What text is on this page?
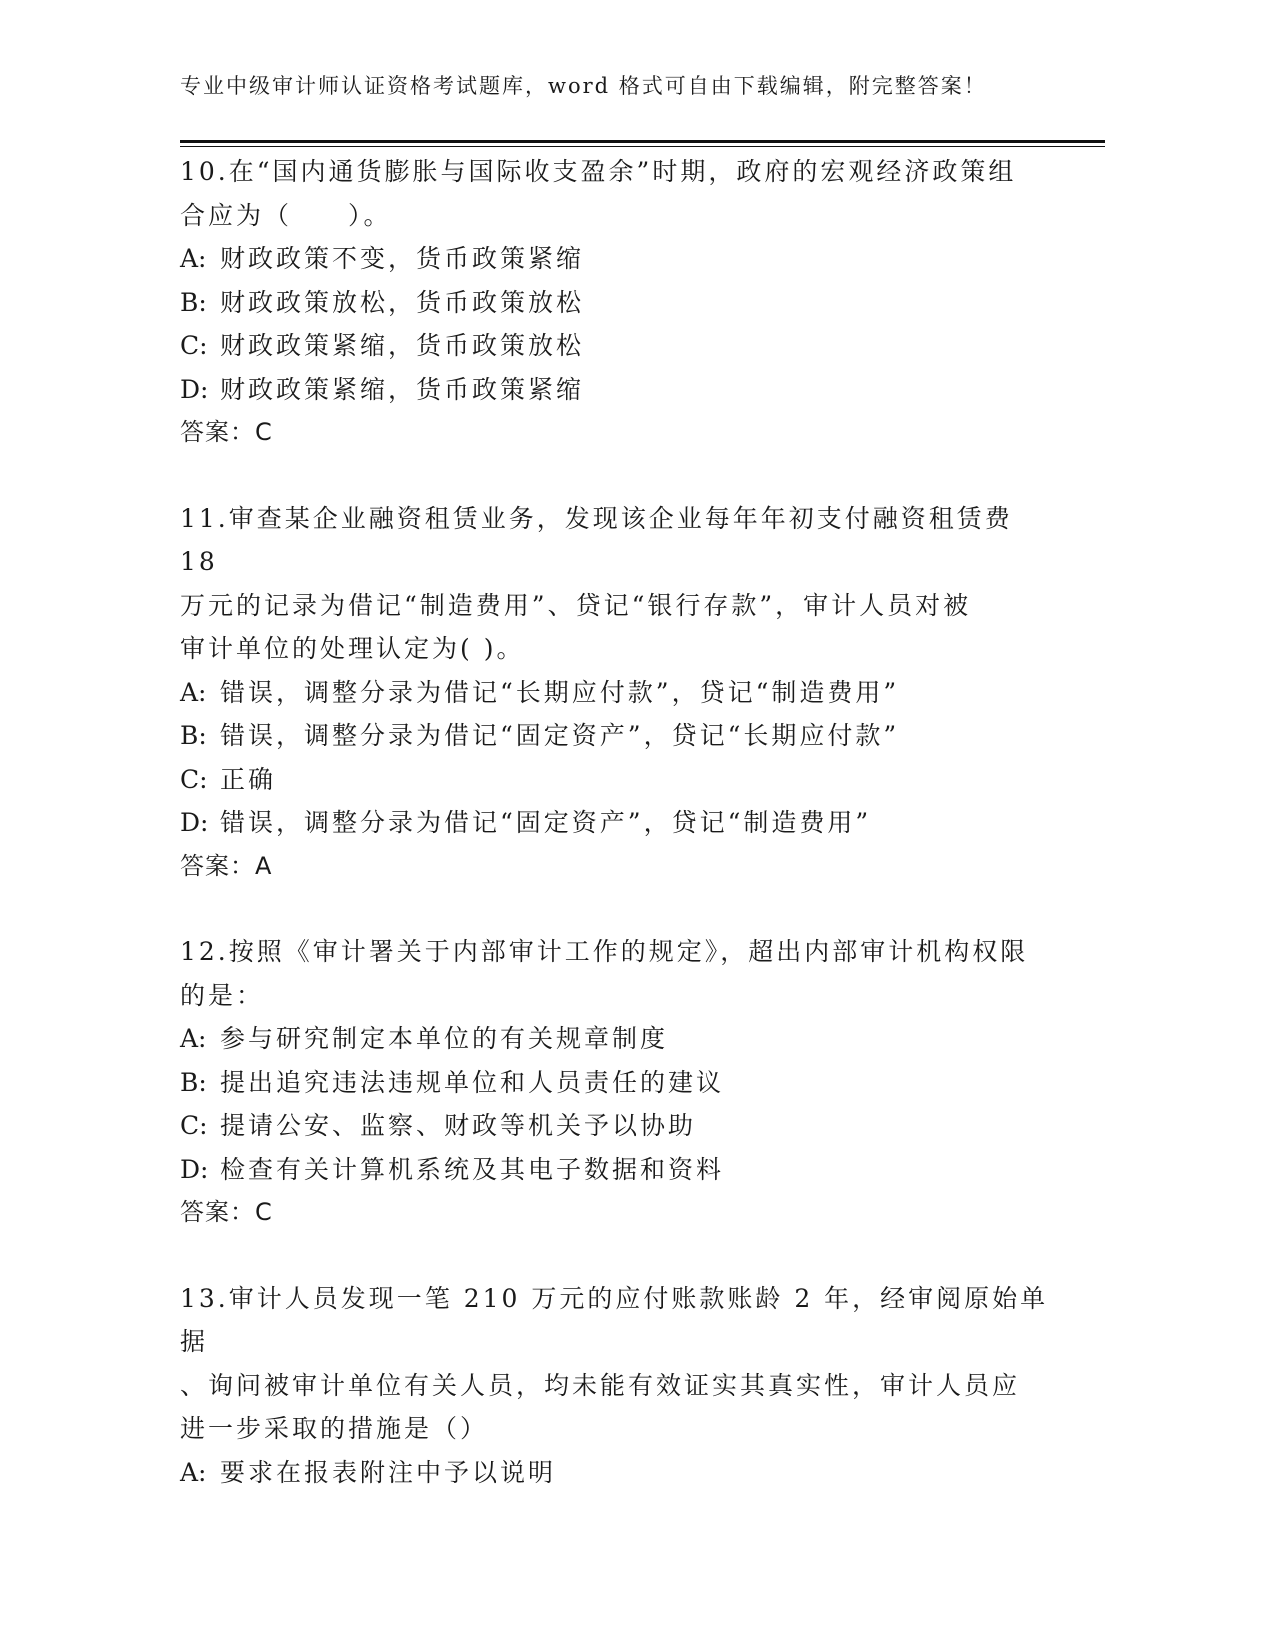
专业中级审计师认证资格考试题库，word 格式可自由下载编辑，附完整答案！
10.在“国内通货膨胀与国际收支盈余”时期，政府的宏观经济政策组
合应为（　　）。
A: 财政政策不变，货币政策紧缩
B: 财政政策放松，货币政策放松
C: 财政政策紧缩，货币政策放松
D: 财政政策紧缩，货币政策紧缩
答案：C
11.审查某企业融资租赁业务，发现该企业每年年初支付融资租赁费 18
万元的记录为借记“制造费用”、贷记“银行存款”，审计人员对被
审计单位的处理认定为( )。
A: 错误，调整分录为借记“长期应付款”，贷记“制造费用”
B: 错误，调整分录为借记“固定资产”，贷记“长期应付款”
C: 正确
D: 错误，调整分录为借记“固定资产”，贷记“制造费用”
答案：A
12.按照《审计署关于内部审计工作的规定》，超出内部审计机构权限
的是：
A: 参与研究制定本单位的有关规章制度
B: 提出追究违法违规单位和人员责任的建议
C: 提请公安、监察、财政等机关予以协助
D: 检查有关计算机系统及其电子数据和资料
答案：C
13.审计人员发现一笔 210 万元的应付账款账龄 2 年，经审阅原始单据
、询问被审计单位有关人员，均未能有效证实其真实性，审计人员应
进一步采取的措施是（）
A: 要求在报表附注中予以说明
